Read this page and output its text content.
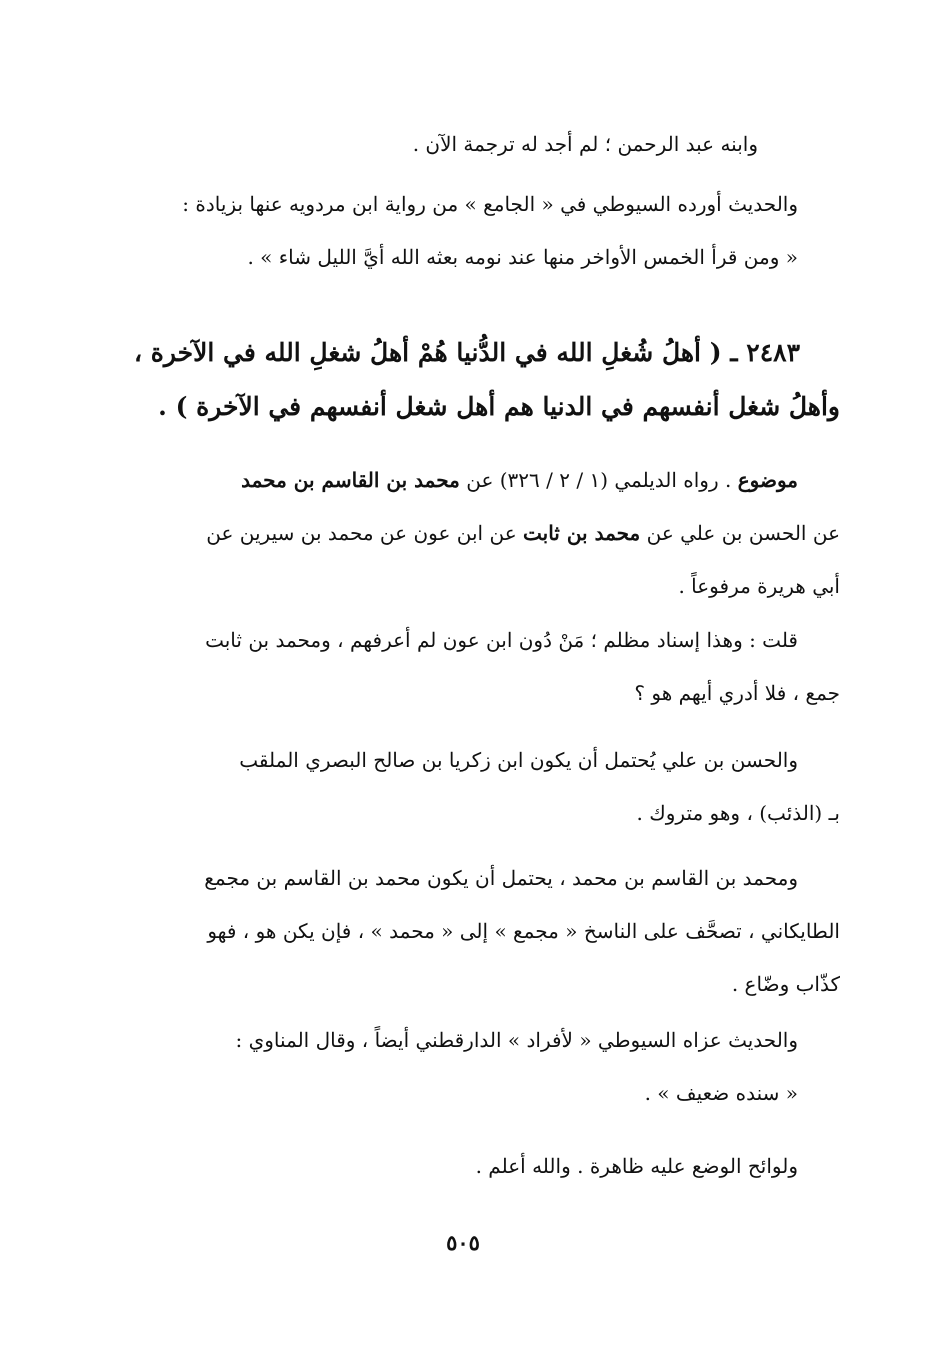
وابنه عبد الرحمن ؛ لم أجد له ترجمة الآن .
والحديث أورده السيوطي في « الجامع » من رواية ابن مردويه عنها بزيادة :
« ومن قرأ الخمس الأواخر منها عند نومه بعثه الله أيَّ الليل شاء » .
٢٤٨٣ ـ ( أهلُ شُغلِ الله في الدُّنيا هُمْ أهلُ شغلِ الله في الآخرة ،
وأهلُ شغل أنفسهم في الدنيا هم أهل شغل أنفسهم في الآخرة ) .
موضوع . رواه الديلمي (١ / ٢ / ٣٢٦) عن محمد بن القاسم بن محمد
عن الحسن بن علي عن محمد بن ثابت عن ابن عون عن محمد بن سيرين عن
أبي هريرة مرفوعاً .
قلت : وهذا إسناد مظلم ؛ مَنْ دُون ابن عون لم أعرفهم ، ومحمد بن ثابت
جمع ، فلا أدري أيهم هو ؟
والحسن بن علي يُحتمل أن يكون ابن زكريا بن صالح البصري الملقب
بـ (الذئب) ، وهو متروك .
ومحمد بن القاسم بن محمد ، يحتمل أن يكون محمد بن القاسم بن مجمع
الطايكاني ، تصحَّف على الناسخ « مجمع » إلى « محمد » ، فإن يكن هو ، فهو
كذّاب وضّاع .
والحديث عزاه السيوطي « لأفراد » الدارقطني أيضاً ، وقال المناوي :
« سنده ضعيف » .
ولوائح الوضع عليه ظاهرة . والله أعلم .
٥٠٥
